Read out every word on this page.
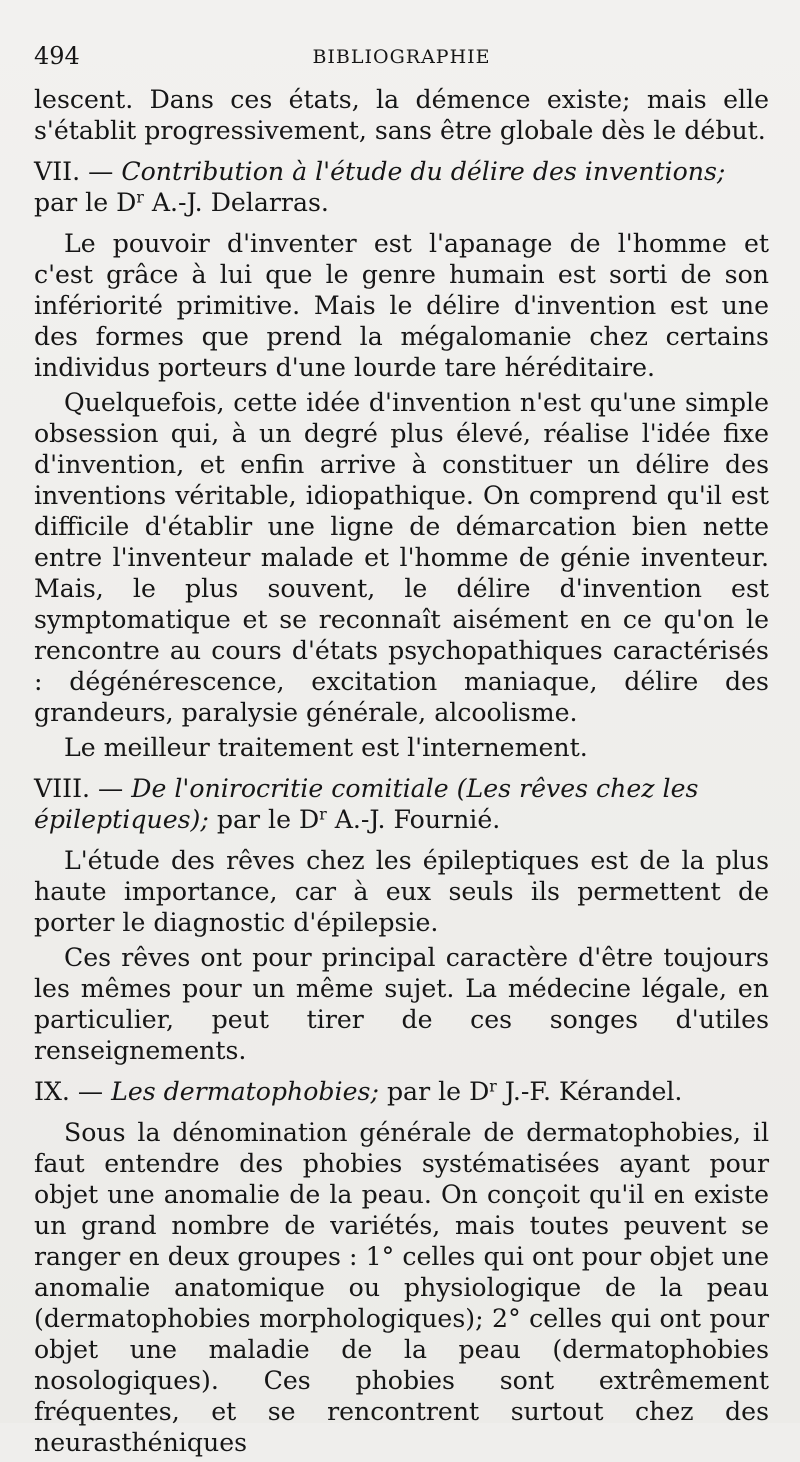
494	BIBLIOGRAPHIE

lescent. Dans ces états, la démence existe; mais elle s'établit progressivement, sans être globale dès le début.

VII. — Contribution à l'étude du délire des inventions; par le $D^r$ A.-J. Delarras.

Le pouvoir d'inventer est l'apanage de l'homme et c'est grâce à lui que le genre humain est sorti de son infériorité primitive. Mais le délire d'invention est une des formes que prend la mégalomanie chez certains individus porteurs d'une lourde tare héréditaire.

Quelquefois, cette idée d'invention n'est qu'une simple obsession qui, à un degré plus élevé, réalise l'idée fixe d'invention, et enfin arrive à constituer un délire des inventions véritable, idiopathique. On comprend qu'il est difficile d'établir une ligne de démarcation bien nette entre l'inventeur malade et l'homme de génie inventeur. Mais, le plus souvent, le délire d'invention est symptomatique et se reconnaît aisément en ce qu'on le rencontre au cours d'états psychopathiques caractérisés : dégénérescence, excitation maniaque, délire des grandeurs, paralysie générale, alcoolisme.

Le meilleur traitement est l'internement.

VIII. — De l'onirocritie comitiale (Les rêves chez les épileptiques); par le $D^r$ A.-J. Fournié.

L'étude des rêves chez les épileptiques est de la plus haute importance, car à eux seuls ils permettent de porter le diagnostic d'épilepsie.

Ces rêves ont pour principal caractère d'être toujours les mêmes pour un même sujet. La médecine légale, en particulier, peut tirer de ces songes d'utiles renseignements.

IX. — Les dermatophobies; par le $D^r$ J.-F. Kérandel.

Sous la dénomination générale de dermatophobies, il faut entendre des phobies systématisées ayant pour objet une anomalie de la peau. On conçoit qu'il en existe un grand nombre de variétés, mais toutes peuvent se ranger en deux groupes : 1° celles qui ont pour objet une anomalie anatomique ou physiologique de la peau (dermatophobies morphologiques); 2° celles qui ont pour objet une maladie de la peau (dermatophobies nosologiques). Ces phobies sont extrêmement fréquentes, et se rencontrent surtout chez des neurasthéniques
